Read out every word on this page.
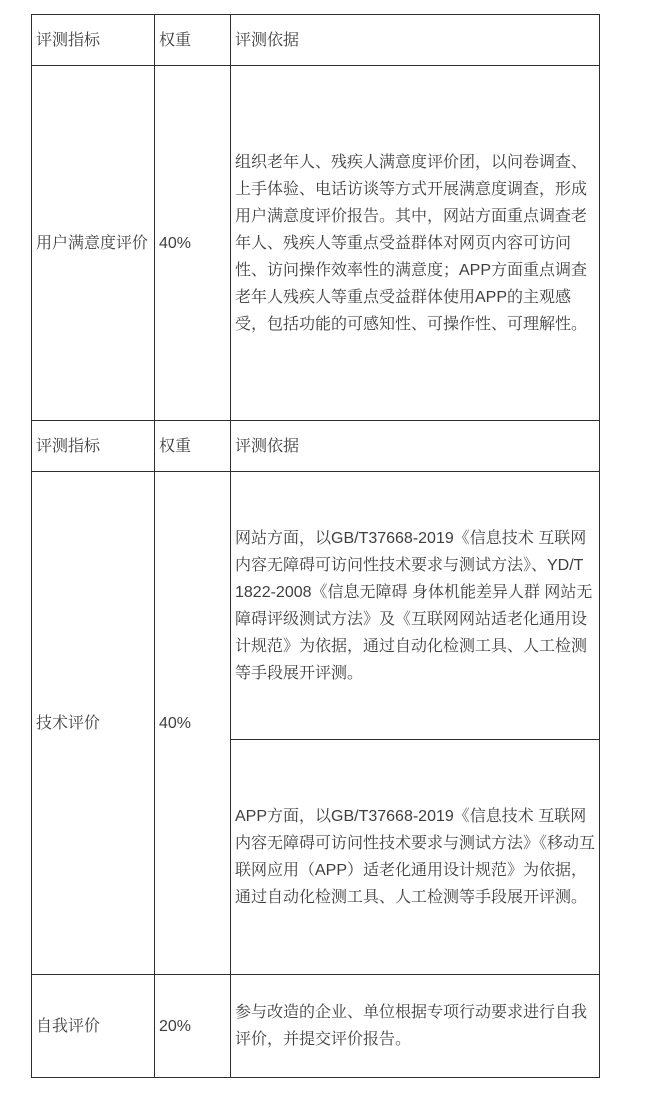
评测指标	权重	评测依据
用户满意度评价	40%	组织老年人、残疾人满意度评价团，以问卷调查、上手体验、电话访谈等方式开展满意度调查，形成用户满意度评价报告。其中，网站方面重点调查老年人、残疾人等重点受益群体对网页内容可访问性、访问操作效率性的满意度；APP方面重点调查老年人残疾人等重点受益群体使用APP的主观感受，包括功能的可感知性、可操作性、可理解性。
评测指标	权重	评测依据
技术评价	40%	网站方面，以GB/T37668-2019《信息技术 互联网内容无障碍可访问性技术要求与测试方法》、YD/T 1822-2008《信息无障碍 身体机能差异人群 网站无障碍评级测试方法》及《互联网网站适老化通用设计规范》为依据，通过自动化检测工具、人工检测等手段展开评测。
		APP方面，以GB/T37668-2019《信息技术 互联网内容无障碍可访问性技术要求与测试方法》《移动互联网应用（APP）适老化通用设计规范》为依据，通过自动化检测工具、人工检测等手段展开评测。
自我评价	20%	参与改造的企业、单位根据专项行动要求进行自我评价，并提交评价报告。
